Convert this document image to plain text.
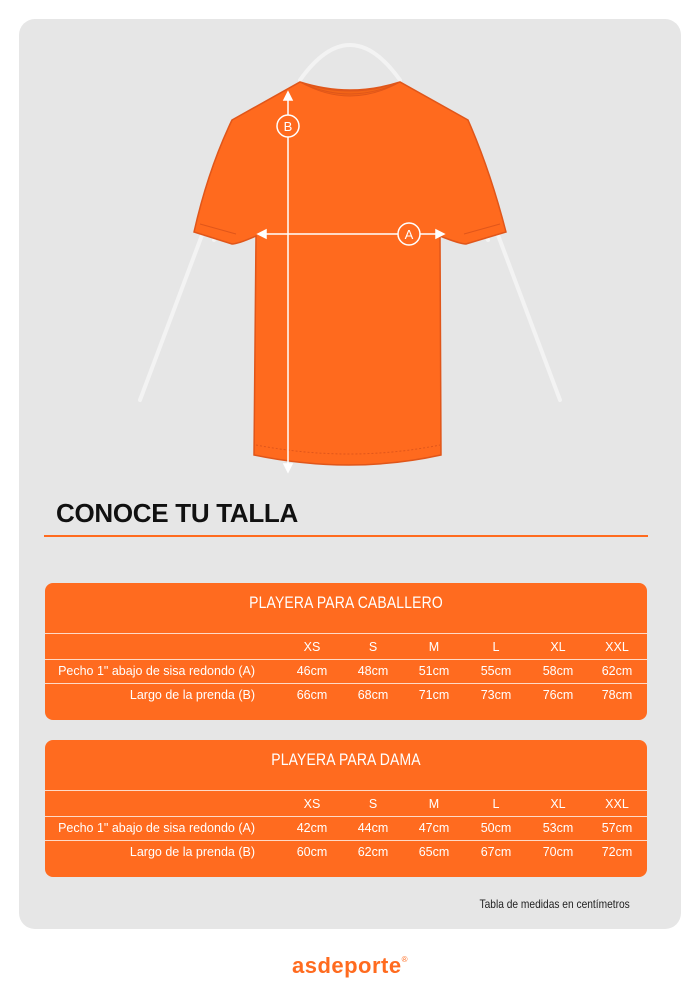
B
A
CONOCE TU TALLA
PLAYERA PARA CABALLERO
XS	S	M	L	XL	XXL
Pecho 1" abajo de sisa redondo (A)	46cm	48cm	51cm	55cm	58cm	62cm
Largo de la prenda (B)	66cm	68cm	71cm	73cm	76cm	78cm
PLAYERA PARA DAMA
XS	S	M	L	XL	XXL
Pecho 1" abajo de sisa redondo (A)	42cm	44cm	47cm	50cm	53cm	57cm
Largo de la prenda (B)	60cm	62cm	65cm	67cm	70cm	72cm
Tabla de medidas en centímetros
asdeporte®
